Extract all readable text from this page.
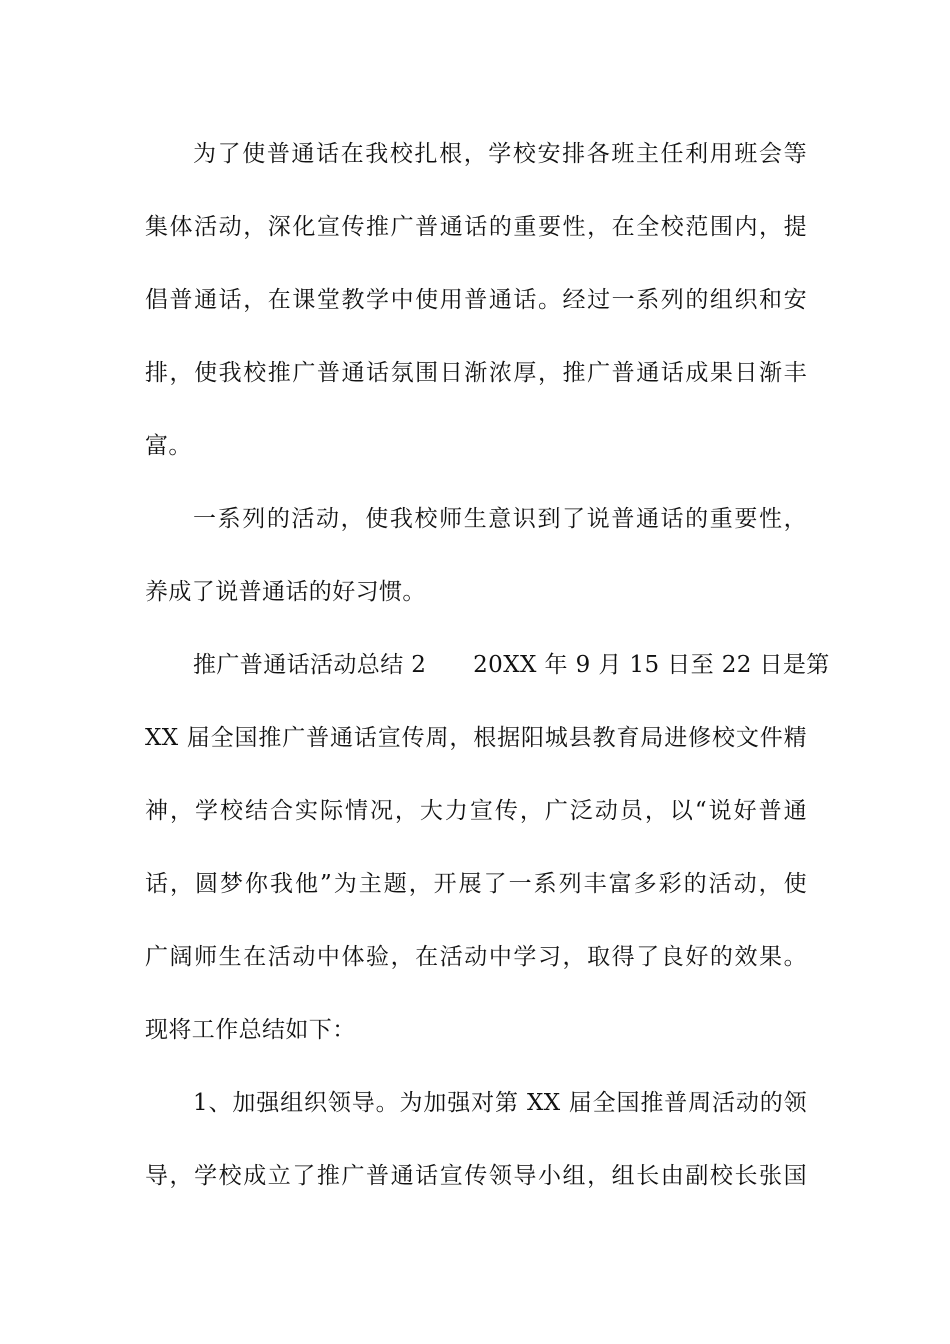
为了使普通话在我校扎根，学校安排各班主任利用班会等
集体活动，深化宣传推广普通话的重要性，在全校范围内，提
倡普通话，在课堂教学中使用普通话。经过一系列的组织和安
排，使我校推广普通话氛围日渐浓厚，推广普通话成果日渐丰
富。
一系列的活动，使我校师生意识到了说普通话的重要性，
养成了说普通话的好习惯。
推广普通话活动总结 2　　20XX 年 9 月 15 日至 22 日是第
XX 届全国推广普通话宣传周，根据阳城县教育局进修校文件精
神，学校结合实际情况，大力宣传，广泛动员，以“说好普通
话，圆梦你我他”为主题，开展了一系列丰富多彩的活动，使
广阔师生在活动中体验，在活动中学习，取得了良好的效果。
现将工作总结如下：
1、加强组织领导。为加强对第 XX 届全国推普周活动的领
导，学校成立了推广普通话宣传领导小组，组长由副校长张国
